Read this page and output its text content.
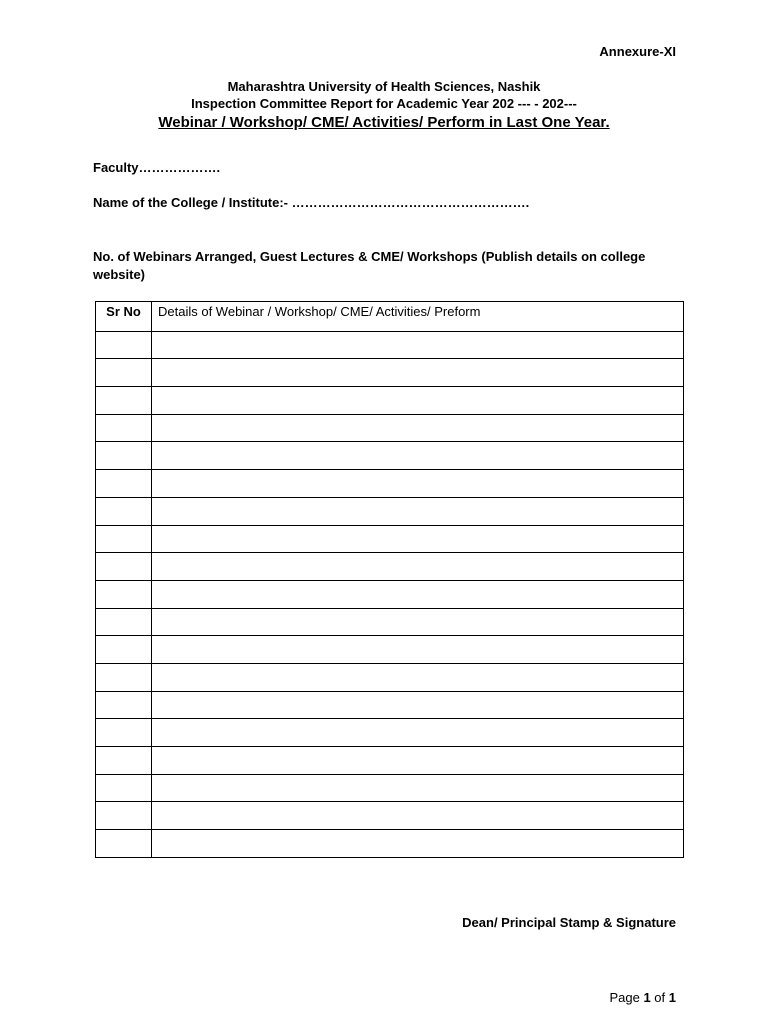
Annexure-XI
Maharashtra University of Health Sciences, Nashik
Inspection Committee Report for Academic Year 202 --- - 202---
Webinar / Workshop/ CME/ Activities/ Perform in Last One Year.
Faculty……………….
Name of the College / Institute:- ……………………………………………….
No. of Webinars Arranged, Guest Lectures & CME/ Workshops (Publish details on college website)
Sr No	Details of Webinar / Workshop/ CME/ Activities/ Preform

Dean/ Principal Stamp & Signature
Page 1 of 1
